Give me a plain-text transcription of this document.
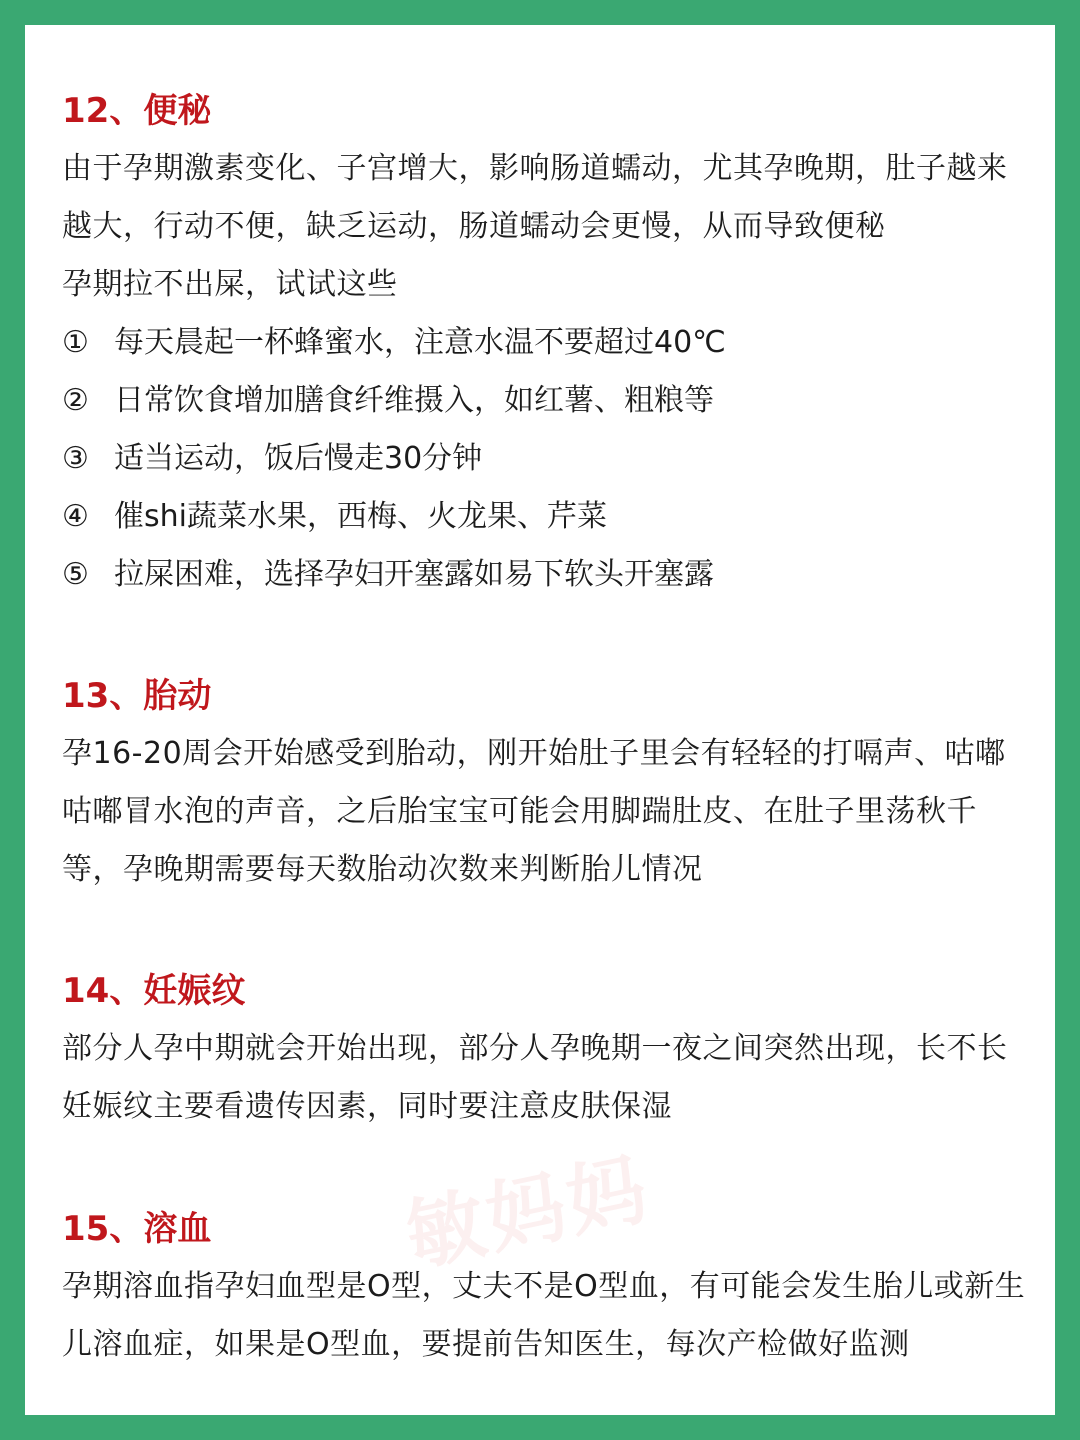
12、便秘

由于孕期激素变化、子宫增大，影响肠道蠕动，尤其孕晚期，肚子越来越大，行动不便，缺乏运动，肠道蠕动会更慢，从而导致便秘

孕期拉不出屎，试试这些

① 每天晨起一杯蜂蜜水，注意水温不要超过40℃
② 日常饮食增加膳食纤维摄入，如红薯、粗粮等
③ 适当运动，饭后慢走30分钟
④ 催shi蔬菜水果，西梅、火龙果、芹菜
⑤ 拉屎困难，选择孕妇开塞露如易下软头开塞露
13、胎动

孕16-20周会开始感受到胎动，刚开始肚子里会有轻轻的打嗝声、咕嘟咕嘟冒水泡的声音，之后胎宝宝可能会用脚踹肚皮、在肚子里荡秋千等，孕晚期需要每天数胎动次数来判断胎儿情况

14、妊娠纹

部分人孕中期就会开始出现，部分人孕晚期一夜之间突然出现，长不长妊娠纹主要看遗传因素，同时要注意皮肤保湿

15、溶血

孕期溶血指孕妇血型是O型，丈夫不是O型血，有可能会发生胎儿或新生儿溶血症，如果是O型血，要提前告知医生，每次产检做好监测

敏妈妈
